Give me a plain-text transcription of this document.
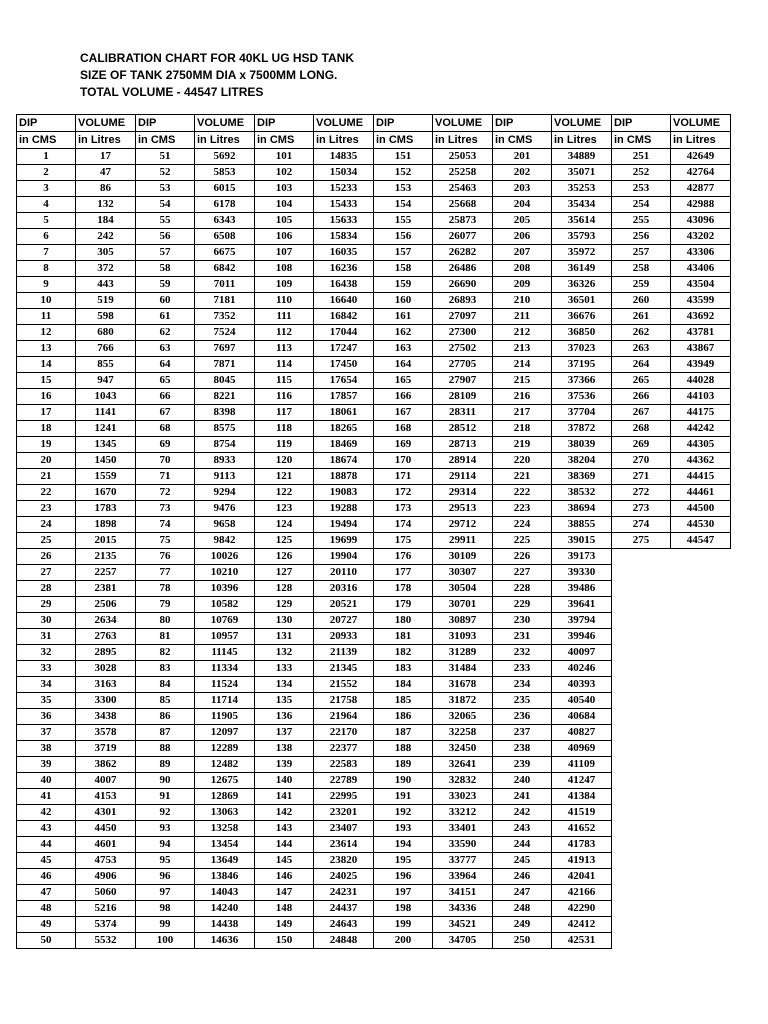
CALIBRATION CHART FOR 40KL UG HSD TANK
SIZE OF TANK 2750MM DIA x 7500MM LONG.
TOTAL VOLUME - 44547 LITRES
DIP	VOLUME	DIP	VOLUME	DIP	VOLUME	DIP	VOLUME	DIP	VOLUME	DIP	VOLUME
in CMS	in Litres	in CMS	in Litres	in CMS	in Litres	in CMS	in Litres	in CMS	in Litres	in CMS	in Litres
1	17	51	5692	101	14835	151	25053	201	34889	251	42649
2	47	52	5853	102	15034	152	25258	202	35071	252	42764
3	86	53	6015	103	15233	153	25463	203	35253	253	42877
4	132	54	6178	104	15433	154	25668	204	35434	254	42988
5	184	55	6343	105	15633	155	25873	205	35614	255	43096
6	242	56	6508	106	15834	156	26077	206	35793	256	43202
7	305	57	6675	107	16035	157	26282	207	35972	257	43306
8	372	58	6842	108	16236	158	26486	208	36149	258	43406
9	443	59	7011	109	16438	159	26690	209	36326	259	43504
10	519	60	7181	110	16640	160	26893	210	36501	260	43599
11	598	61	7352	111	16842	161	27097	211	36676	261	43692
12	680	62	7524	112	17044	162	27300	212	36850	262	43781
13	766	63	7697	113	17247	163	27502	213	37023	263	43867
14	855	64	7871	114	17450	164	27705	214	37195	264	43949
15	947	65	8045	115	17654	165	27907	215	37366	265	44028
16	1043	66	8221	116	17857	166	28109	216	37536	266	44103
17	1141	67	8398	117	18061	167	28311	217	37704	267	44175
18	1241	68	8575	118	18265	168	28512	218	37872	268	44242
19	1345	69	8754	119	18469	169	28713	219	38039	269	44305
20	1450	70	8933	120	18674	170	28914	220	38204	270	44362
21	1559	71	9113	121	18878	171	29114	221	38369	271	44415
22	1670	72	9294	122	19083	172	29314	222	38532	272	44461
23	1783	73	9476	123	19288	173	29513	223	38694	273	44500
24	1898	74	9658	124	19494	174	29712	224	38855	274	44530
25	2015	75	9842	125	19699	175	29911	225	39015	275	44547
26	2135	76	10026	126	19904	176	30109	226	39173		
27	2257	77	10210	127	20110	177	30307	227	39330		
28	2381	78	10396	128	20316	178	30504	228	39486		
29	2506	79	10582	129	20521	179	30701	229	39641		
30	2634	80	10769	130	20727	180	30897	230	39794		
31	2763	81	10957	131	20933	181	31093	231	39946		
32	2895	82	11145	132	21139	182	31289	232	40097		
33	3028	83	11334	133	21345	183	31484	233	40246		
34	3163	84	11524	134	21552	184	31678	234	40393		
35	3300	85	11714	135	21758	185	31872	235	40540		
36	3438	86	11905	136	21964	186	32065	236	40684		
37	3578	87	12097	137	22170	187	32258	237	40827		
38	3719	88	12289	138	22377	188	32450	238	40969		
39	3862	89	12482	139	22583	189	32641	239	41109		
40	4007	90	12675	140	22789	190	32832	240	41247		
41	4153	91	12869	141	22995	191	33023	241	41384		
42	4301	92	13063	142	23201	192	33212	242	41519		
43	4450	93	13258	143	23407	193	33401	243	41652		
44	4601	94	13454	144	23614	194	33590	244	41783		
45	4753	95	13649	145	23820	195	33777	245	41913		
46	4906	96	13846	146	24025	196	33964	246	42041		
47	5060	97	14043	147	24231	197	34151	247	42166		
48	5216	98	14240	148	24437	198	34336	248	42290		
49	5374	99	14438	149	24643	199	34521	249	42412		
50	5532	100	14636	150	24848	200	34705	250	42531		
